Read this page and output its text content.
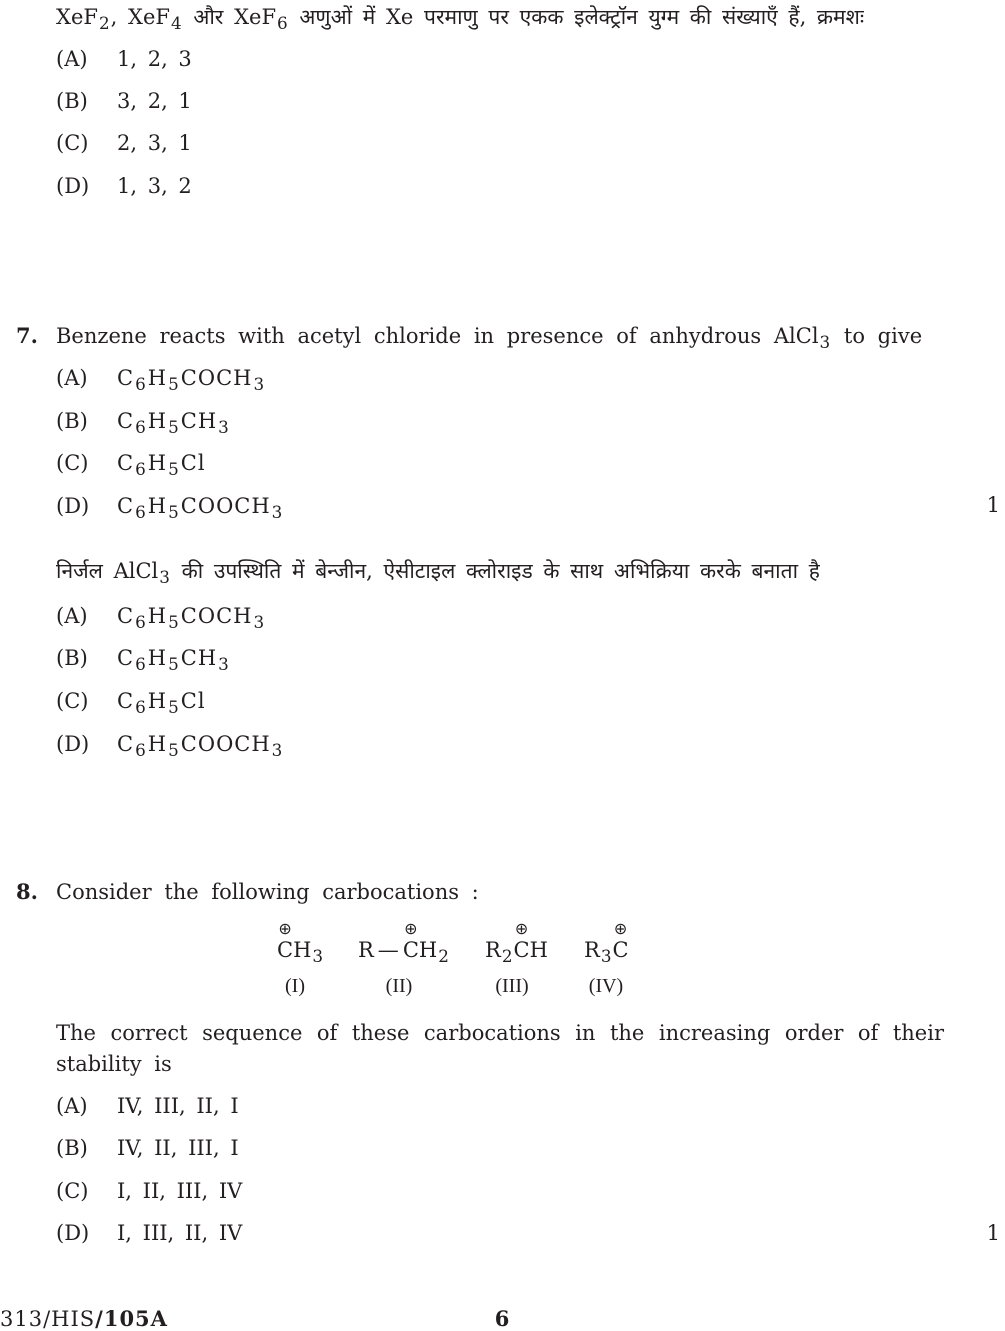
XeF$_2$, XeF$_4$ और XeF$_6$ अणुओं में Xe परमाणु पर एकक इलेक्ट्रॉन युग्म की संख्याएँ हैं, क्रमशः
(A) 1, 2, 3
(B) 3, 2, 1
(C) 2, 3, 1
(D) 1, 3, 2
7. Benzene reacts with acetyl chloride in presence of anhydrous AlCl$_3$ to give
(A) $C_6H_5COCH_3$
(B) $C_6H_5CH_3$
(C) $C_6H_5Cl$
(D) $C_6H_5COOCH_3$	1
निर्जल AlCl$_3$ की उपस्थिति में बेन्जीन, ऐसीटाइल क्लोराइड के साथ अभिक्रिया करके बनाता है
(A) $C_6H_5COCH_3$
(B) $C_6H_5CH_3$
(C) $C_6H_5Cl$
(D) $C_6H_5COOCH_3$
8. Consider the following carbocations :
⊕
$CH_3$ R—
⊕
$CH_2$ $R_2$
⊕
CH $R_3$
⊕
C
(I)	(II)	(III)	(IV)
The correct sequence of these carbocations in the increasing order of their stability is
(A) IV, III, II, I
(B) IV, II, III, I
(C) I, II, III, IV
(D) I, III, II, IV	1
313/HIS/105A	6
